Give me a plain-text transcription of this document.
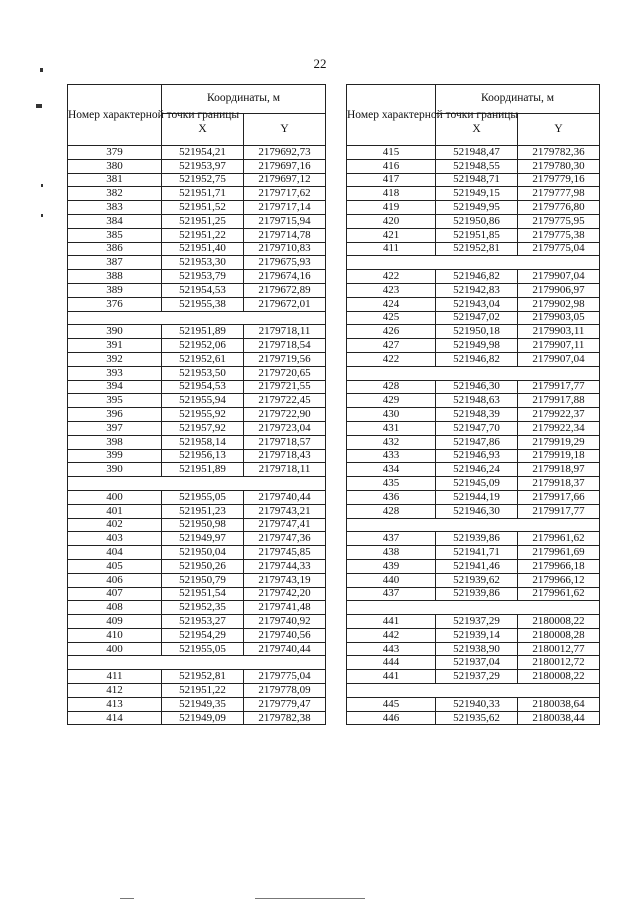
22
Номер характерной точки границы	Координаты, м	
	X	Y
379	521954,21	2179692,73
380	521953,97	2179697,16
381	521952,75	2179697,12
382	521951,71	2179717,62
383	521951,52	2179717,14
384	521951,25	2179715,94
385	521951,22	2179714,78
386	521951,40	2179710,83
387	521953,30	2179675,93
388	521953,79	2179674,16
389	521954,53	2179672,89
376	521955,38	2179672,01

390	521951,89	2179718,11
391	521952,06	2179718,54
392	521952,61	2179719,56
393	521953,50	2179720,65
394	521954,53	2179721,55
395	521955,94	2179722,45
396	521955,92	2179722,90
397	521957,92	2179723,04
398	521958,14	2179718,57
399	521956,13	2179718,43
390	521951,89	2179718,11

400	521955,05	2179740,44
401	521951,23	2179743,21
402	521950,98	2179747,41
403	521949,97	2179747,36
404	521950,04	2179745,85
405	521950,26	2179744,33
406	521950,79	2179743,19
407	521951,54	2179742,20
408	521952,35	2179741,48
409	521953,27	2179740,92
410	521954,29	2179740,56
400	521955,05	2179740,44

411	521952,81	2179775,04
412	521951,22	2179778,09
413	521949,35	2179779,47
414	521949,09	2179782,38
Номер характерной точки границы	Координаты, м	
	X	Y
415	521948,47	2179782,36
416	521948,55	2179780,30
417	521948,71	2179779,16
418	521949,15	2179777,98
419	521949,95	2179776,80
420	521950,86	2179775,95
421	521951,85	2179775,38
411	521952,81	2179775,04

422	521946,82	2179907,04
423	521942,83	2179906,97
424	521943,04	2179902,98
425	521947,02	2179903,05
426	521950,18	2179903,11
427	521949,98	2179907,11
422	521946,82	2179907,04

428	521946,30	2179917,77
429	521948,63	2179917,88
430	521948,39	2179922,37
431	521947,70	2179922,34
432	521947,86	2179919,29
433	521946,93	2179919,18
434	521946,24	2179918,97
435	521945,09	2179918,37
436	521944,19	2179917,66
428	521946,30	2179917,77

437	521939,86	2179961,62
438	521941,71	2179961,69
439	521941,46	2179966,18
440	521939,62	2179966,12
437	521939,86	2179961,62

441	521937,29	2180008,22
442	521939,14	2180008,28
443	521938,90	2180012,77
444	521937,04	2180012,72
441	521937,29	2180008,22

445	521940,33	2180038,64
446	521935,62	2180038,44
